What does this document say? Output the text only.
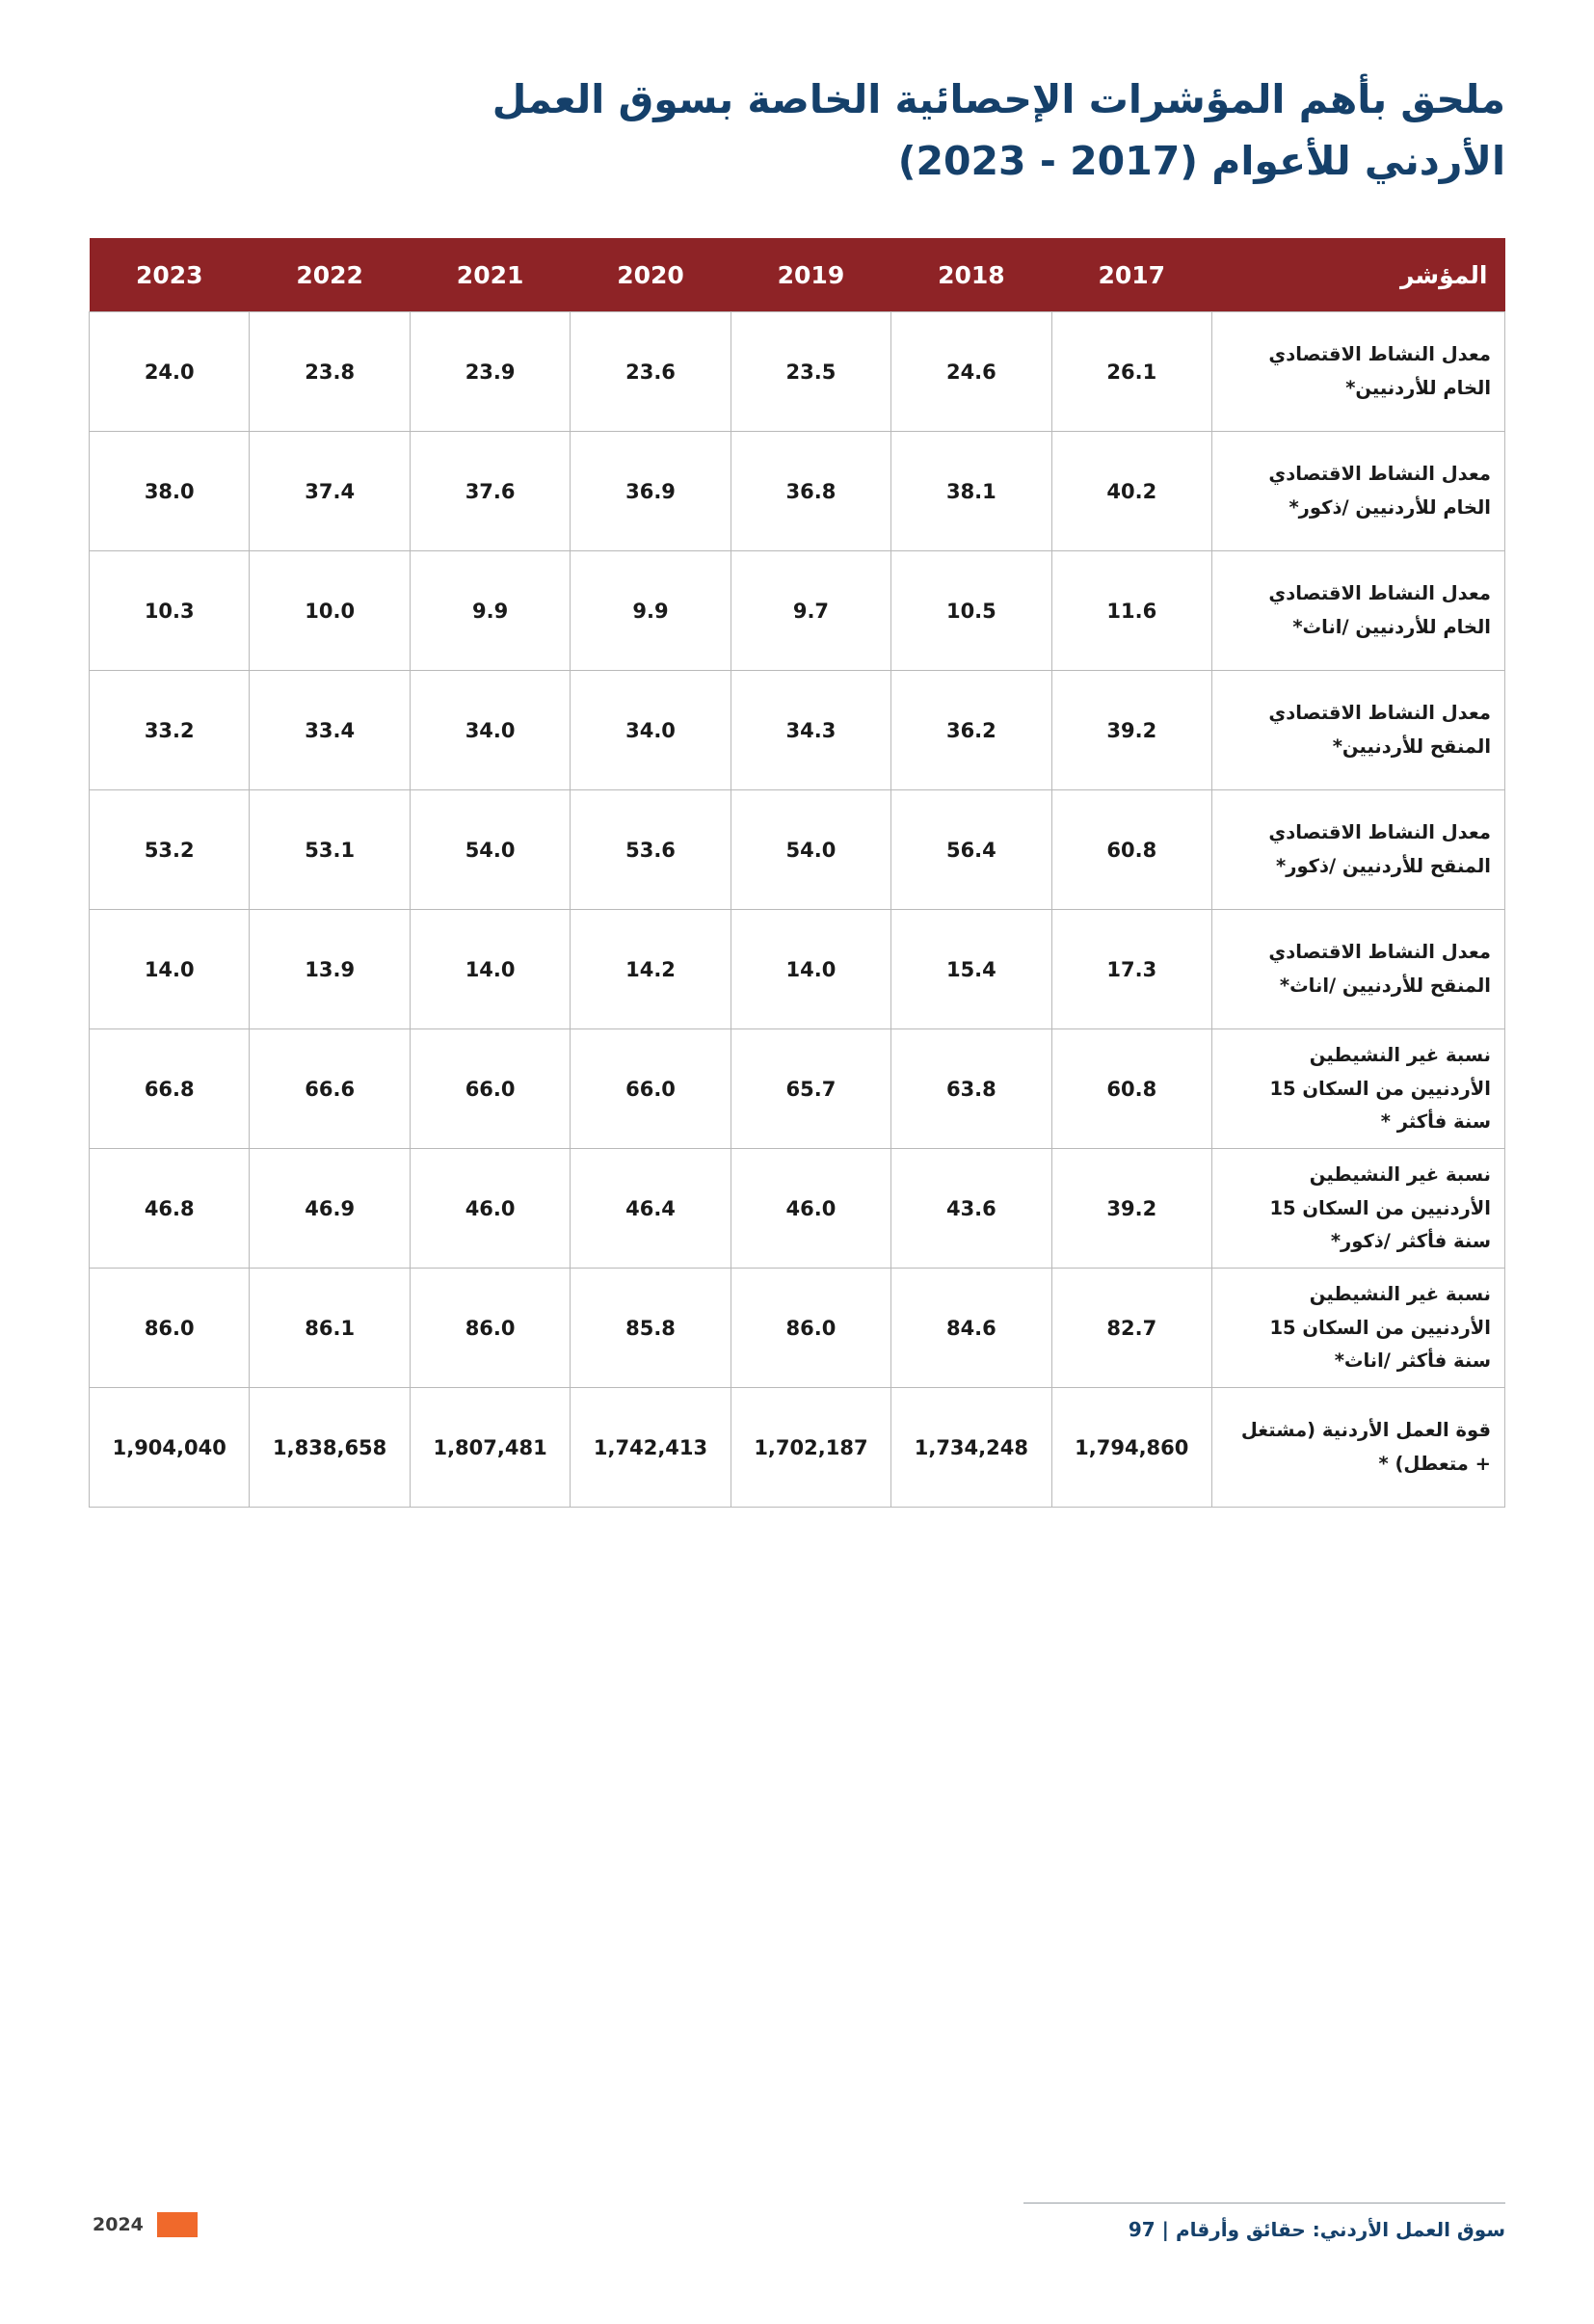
ملحق بأهم المؤشرات الإحصائية الخاصة بسوق العمل
الأردني للأعوام (2017 - 2023)
المؤشر	2017	2018	2019	2020	2021	2022	2023
معدل النشاط الاقتصادي الخام للأردنيين*	26.1	24.6	23.5	23.6	23.9	23.8	24.0
معدل النشاط الاقتصادي الخام للأردنيين /ذكور*	40.2	38.1	36.8	36.9	37.6	37.4	38.0
معدل النشاط الاقتصادي الخام للأردنيين /اناث*	11.6	10.5	9.7	9.9	9.9	10.0	10.3
معدل النشاط الاقتصادي المنقح للأردنيين*	39.2	36.2	34.3	34.0	34.0	33.4	33.2
معدل النشاط الاقتصادي المنقح للأردنيين /ذكور*	60.8	56.4	54.0	53.6	54.0	53.1	53.2
معدل النشاط الاقتصادي المنقح للأردنيين /اناث*	17.3	15.4	14.0	14.2	14.0	13.9	14.0
نسبة غير النشيطين الأردنيين من السكان 15 سنة فأكثر *	60.8	63.8	65.7	66.0	66.0	66.6	66.8
نسبة غير النشيطين الأردنيين من السكان 15 سنة فأكثر /ذكور*	39.2	43.6	46.0	46.4	46.0	46.9	46.8
نسبة غير النشيطين الأردنيين من السكان 15 سنة فأكثر /اناث*	82.7	84.6	86.0	85.8	86.0	86.1	86.0
قوة العمل الأردنية (مشتغل + متعطل) *	1,794,860	1,734,248	1,702,187	1,742,413	1,807,481	1,838,658	1,904,040
سوق العمل الأردني: حقائق وأرقام | 97
2024
